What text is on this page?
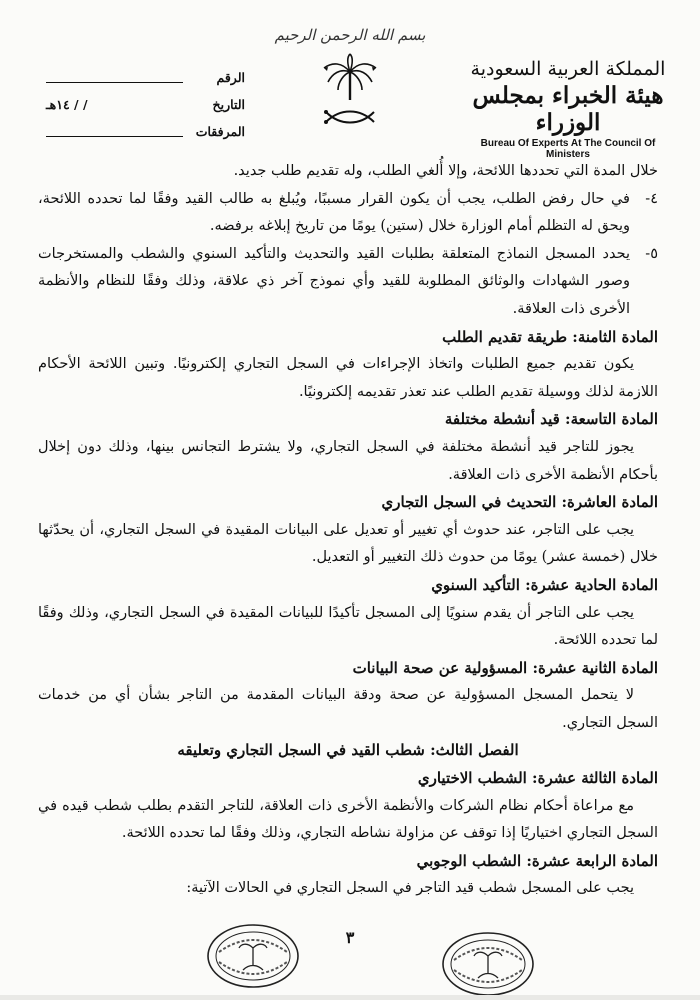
بسم الله الرحمن الرحيم
المملكة العربية السعودية
هيئة الخبراء بمجلس الوزراء
Bureau Of Experts At The Council Of Ministers
الرقم
التاريخ
/ / ١٤هـ
المرفقات

خلال المدة التي تحددها اللائحة، وإلا أُلغي الطلب، وله تقديم طلب جديد.

٤-
في حال رفض الطلب، يجب أن يكون القرار مسببًا، ويُبلغ به طالب القيد وفقًا لما تحدده اللائحة، ويحق له التظلم أمام الوزارة خلال (ستين) يومًا من تاريخ إبلاغه برفضه.
٥-
يحدد المسجل النماذج المتعلقة بطلبات القيد والتحديث والتأكيد السنوي والشطب والمستخرجات وصور الشهادات والوثائق المطلوبة للقيد وأي نموذج آخر ذي علاقة، وذلك وفقًا للنظام والأنظمة الأخرى ذات العلاقة.
المادة الثامنة: طريقة تقديم الطلب

يكون تقديم جميع الطلبات واتخاذ الإجراءات في السجل التجاري إلكترونيًا. وتبين اللائحة الأحكام اللازمة لذلك ووسيلة تقديم الطلب عند تعذر تقديمه إلكترونيًا.

المادة التاسعة: قيد أنشطة مختلفة

يجوز للتاجر قيد أنشطة مختلفة في السجل التجاري، ولا يشترط التجانس بينها، وذلك دون إخلال بأحكام الأنظمة الأخرى ذات العلاقة.

المادة العاشرة: التحديث في السجل التجاري

يجب على التاجر، عند حدوث أي تغيير أو تعديل على البيانات المقيدة في السجل التجاري، أن يحدّثها خلال (خمسة عشر) يومًا من حدوث ذلك التغيير أو التعديل.

المادة الحادية عشرة: التأكيد السنوي

يجب على التاجر أن يقدم سنويًا إلى المسجل تأكيدًا للبيانات المقيدة في السجل التجاري، وذلك وفقًا لما تحدده اللائحة.

المادة الثانية عشرة: المسؤولية عن صحة البيانات

لا يتحمل المسجل المسؤولية عن صحة ودقة البيانات المقدمة من التاجر بشأن أي من خدمات السجل التجاري.

الفصل الثالث: شطب القيد في السجل التجاري وتعليقه
المادة الثالثة عشرة: الشطب الاختياري

مع مراعاة أحكام نظام الشركات والأنظمة الأخرى ذات العلاقة، للتاجر التقدم بطلب شطب قيده في السجل التجاري اختياريًا إذا توقف عن مزاولة نشاطه التجاري، وذلك وفقًا لما تحدده اللائحة.

المادة الرابعة عشرة: الشطب الوجوبي

يجب على المسجل شطب قيد التاجر في السجل التجاري في الحالات الآتية:

٣
